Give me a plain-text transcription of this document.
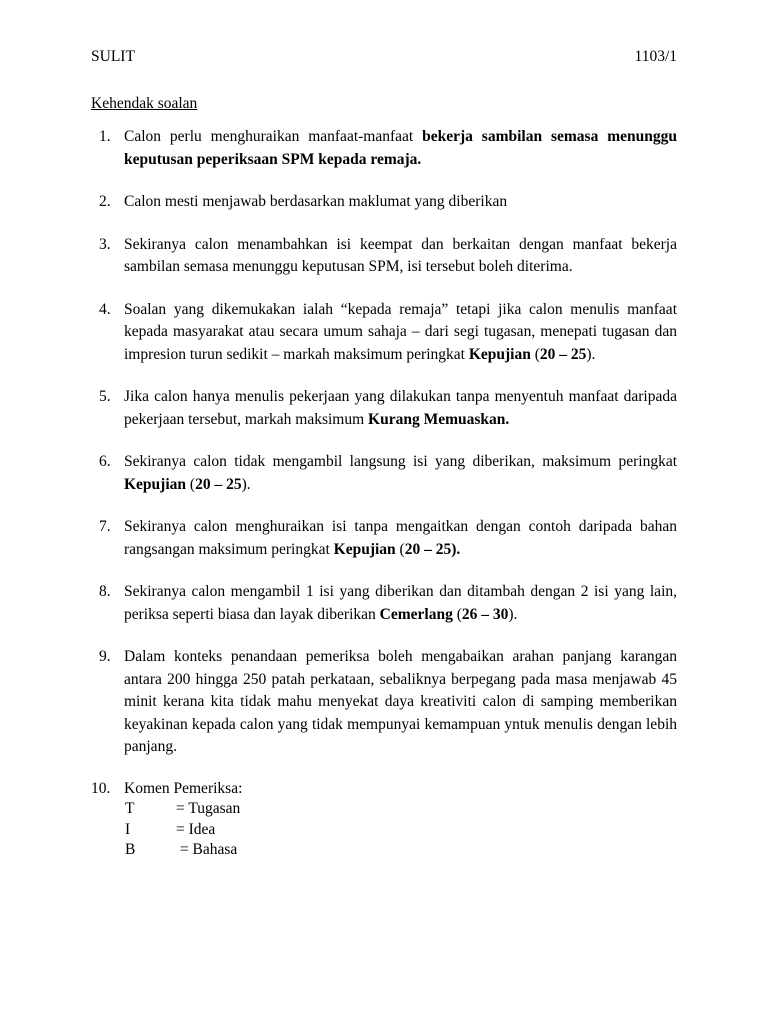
SULIT	1103/1
Kehendak soalan
1. Calon perlu menghuraikan manfaat-manfaat bekerja sambilan semasa menunggu keputusan peperiksaan SPM kepada remaja.
2. Calon mesti menjawab berdasarkan maklumat yang diberikan
3. Sekiranya calon menambahkan isi keempat dan berkaitan dengan manfaat bekerja sambilan semasa menunggu keputusan SPM, isi tersebut boleh diterima.
4. Soalan yang dikemukakan ialah “kepada remaja” tetapi jika calon menulis manfaat kepada masyarakat atau secara umum sahaja – dari segi tugasan, menepati tugasan dan impresion turun sedikit – markah maksimum peringkat Kepujian (20 – 25).
5. Jika calon hanya menulis pekerjaan yang dilakukan tanpa menyentuh manfaat daripada pekerjaan tersebut, markah maksimum Kurang Memuaskan.
6. Sekiranya calon tidak mengambil langsung isi yang diberikan, maksimum peringkat Kepujian (20 – 25).
7. Sekiranya calon menghuraikan isi tanpa mengaitkan dengan contoh daripada bahan rangsangan maksimum peringkat Kepujian (20 – 25).
8. Sekiranya calon mengambil 1 isi yang diberikan dan ditambah dengan 2 isi yang lain, periksa seperti biasa dan layak diberikan Cemerlang (26 – 30).
9. Dalam konteks penandaan pemeriksa boleh mengabaikan arahan panjang karangan antara 200 hingga 250 patah perkataan, sebaliknya berpegang pada masa menjawab 45 minit kerana kita tidak mahu menyekat daya kreativiti calon di samping memberikan keyakinan kepada calon yang tidak mempunyai kemampuan yntuk menulis dengan lebih panjang.
10. Komen Pemeriksa:
T	= Tugasan
I	= Idea
B	= Bahasa
